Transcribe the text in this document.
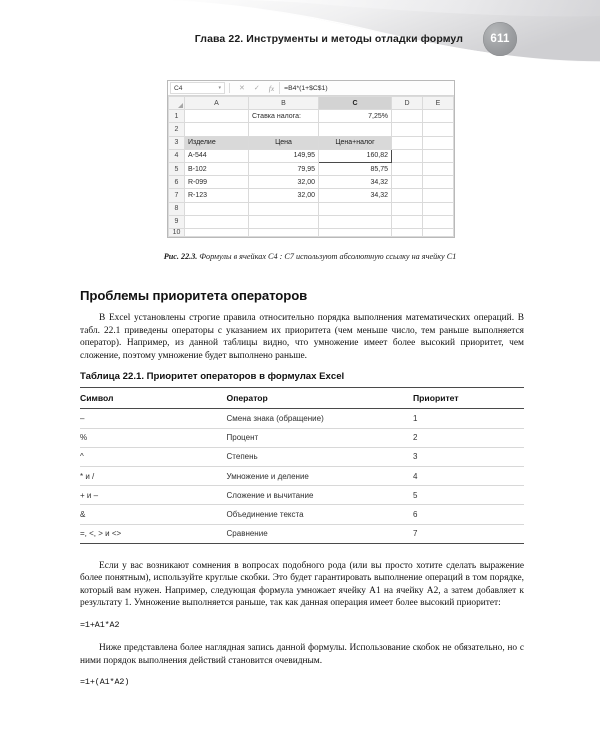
Глава 22. Инструменты и методы отладки формул 611
C4	▾	✕ ✓ fx	=B4*(1+$C$1)
	A	B	C	D	E
1		Ставка налога:	7,25%		
2					
3	Изделие	Цена	Цена+налог		
4	A-544	149,95	160,82		
5	B-102	79,95	85,75		
6	R-099	32,00	34,32		
7	R-123	32,00	34,32		
8					
9					
10					
Рис. 22.3. Формулы в ячейках C4 : C7 используют абсолютную ссылку на ячейку C1
Проблемы приоритета операторов

В Excel установлены строгие правила относительно порядка выполнения математических операций. В табл. 22.1 приведены операторы с указанием их приоритета (чем меньше число, тем раньше выполняется оператор). Например, из данной таблицы видно, что умножение имеет более высокий приоритет, чем сложение, поэтому умножение будет выполнено раньше.

Таблица 22.1. Приоритет операторов в формулах Excel
Символ	Оператор	Приоритет
–	Смена знака (обращение)	1
%	Процент	2
^	Степень	3
* и /	Умножение и деление	4
+ и –	Сложение и вычитание	5
&	Объединение текста	6
=, <, > и <>	Сравнение	7

Если у вас возникают сомнения в вопросах подобного рода (или вы просто хотите сделать выражение более понятным), используйте круглые скобки. Это будет гарантировать выполнение операций в том порядке, который вам нужен. Например, следующая формула умножает ячейку A1 на ячейку A2, а затем добавляет к результату 1. Умножение выполняется раньше, так как данная операция имеет более высокий приоритет:

=1+A1*A2

Ниже представлена более наглядная запись данной формулы. Использование скобок не обязательно, но с ними порядок выполнения действий становится очевидным.

=1+(A1*A2)
